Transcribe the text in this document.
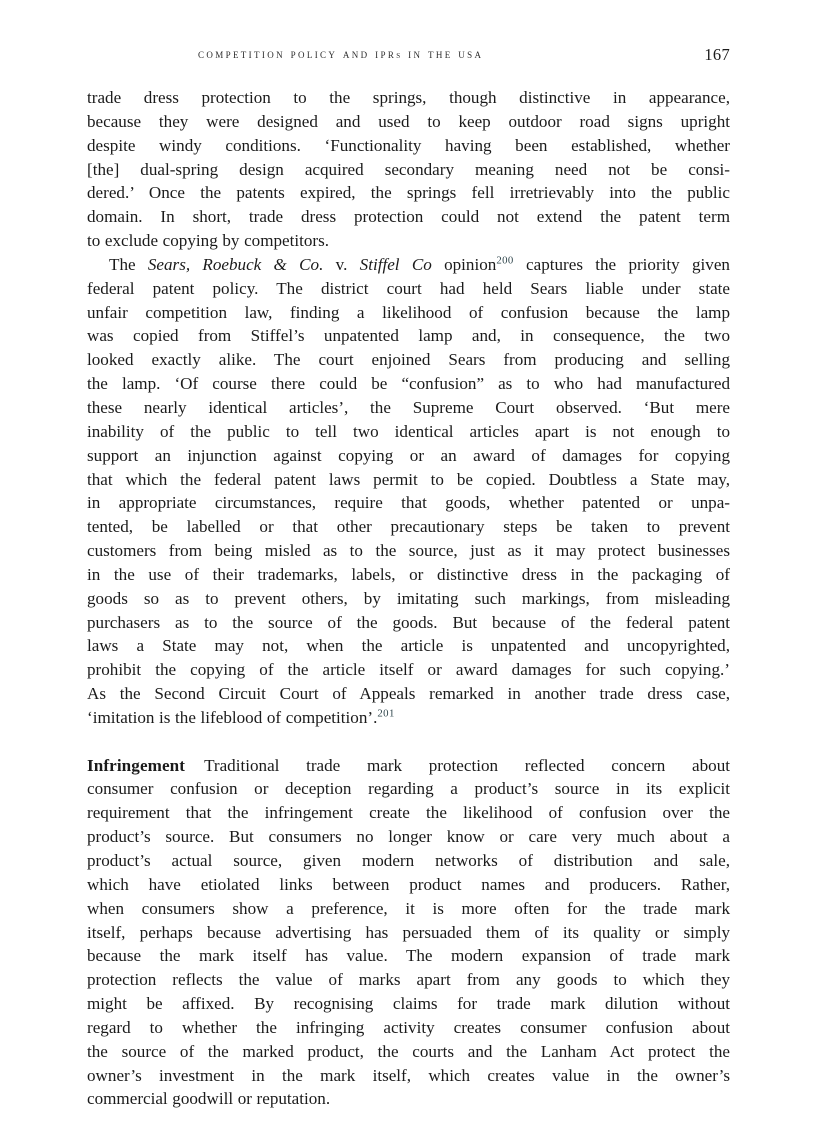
competition policy and iprs in the usa	167

trade dress protection to the springs, though distinctive in appearance,
because they were designed and used to keep outdoor road signs upright
despite windy conditions. ‘Functionality having been established, whether
[the] dual-spring design acquired secondary meaning need not be consi-
dered.’ Once the patents expired, the springs fell irretrievably into the public
domain. In short, trade dress protection could not extend the patent term
to exclude copying by competitors.

The Sears, Roebuck & Co. v. Stiffel Co opinion$^{200}$ captures the priority given
federal patent policy. The district court had held Sears liable under state
unfair competition law, finding a likelihood of confusion because the lamp
was copied from Stiffel’s unpatented lamp and, in consequence, the two
looked exactly alike. The court enjoined Sears from producing and selling
the lamp. ‘Of course there could be “confusion” as to who had manufactured
these nearly identical articles’, the Supreme Court observed. ‘But mere
inability of the public to tell two identical articles apart is not enough to
support an injunction against copying or an award of damages for copying
that which the federal patent laws permit to be copied. Doubtless a State may,
in appropriate circumstances, require that goods, whether patented or unpa-
tented, be labelled or that other precautionary steps be taken to prevent
customers from being misled as to the source, just as it may protect businesses
in the use of their trademarks, labels, or distinctive dress in the packaging of
goods so as to prevent others, by imitating such markings, from misleading
purchasers as to the source of the goods. But because of the federal patent
laws a State may not, when the article is unpatented and uncopyrighted,
prohibit the copying of the article itself or award damages for such copying.’
As the Second Circuit Court of Appeals remarked in another trade dress case,
‘imitation is the lifeblood of competition’.$^{201}$

Infringement Traditional trade mark protection reflected concern about
consumer confusion or deception regarding a product’s source in its explicit
requirement that the infringement create the likelihood of confusion over the
product’s source. But consumers no longer know or care very much about a
product’s actual source, given modern networks of distribution and sale,
which have etiolated links between product names and producers. Rather,
when consumers show a preference, it is more often for the trade mark
itself, perhaps because advertising has persuaded them of its quality or simply
because the mark itself has value. The modern expansion of trade mark
protection reflects the value of marks apart from any goods to which they
might be affixed. By recognising claims for trade mark dilution without
regard to whether the infringing activity creates consumer confusion about
the source of the marked product, the courts and the Lanham Act protect the
owner’s investment in the mark itself, which creates value in the owner’s
commercial goodwill or reputation.
